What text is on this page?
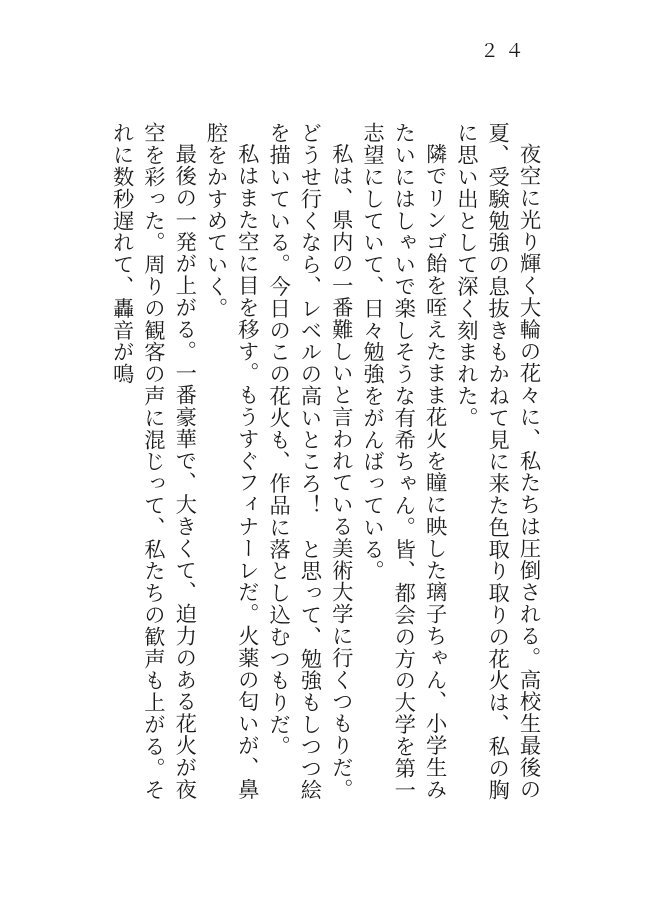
２４

夜空に光り輝く大輪の花々に、私たちは圧倒される。高校生最後の夏、受験勉強の息抜きもかねて見に来た色取り取りの花火は、私の胸に思い出として深く刻まれた。

隣でリンゴ飴を咥えたまま花火を瞳に映した璃子ちゃん、小学生みたいにはしゃいで楽しそうな有希ちゃん。皆、都会の方の大学を第一志望にしていて、日々勉強をがんばっている。

私は、県内の一番難しいと言われている美術大学に行くつもりだ。どうせ行くなら、レベルの高いところ！　と思って、勉強もしつつ絵を描いている。今日のこの花火も、作品に落とし込むつもりだ。

私はまた空に目を移す。もうすぐフィナーレだ。火薬の匂いが、鼻腔をかすめていく。

最後の一発が上がる。一番豪華で、大きくて、迫力のある花火が夜空を彩った。周りの観客の声に混じって、私たちの歓声も上がる。それに数秒遅れて、轟音が鳴
